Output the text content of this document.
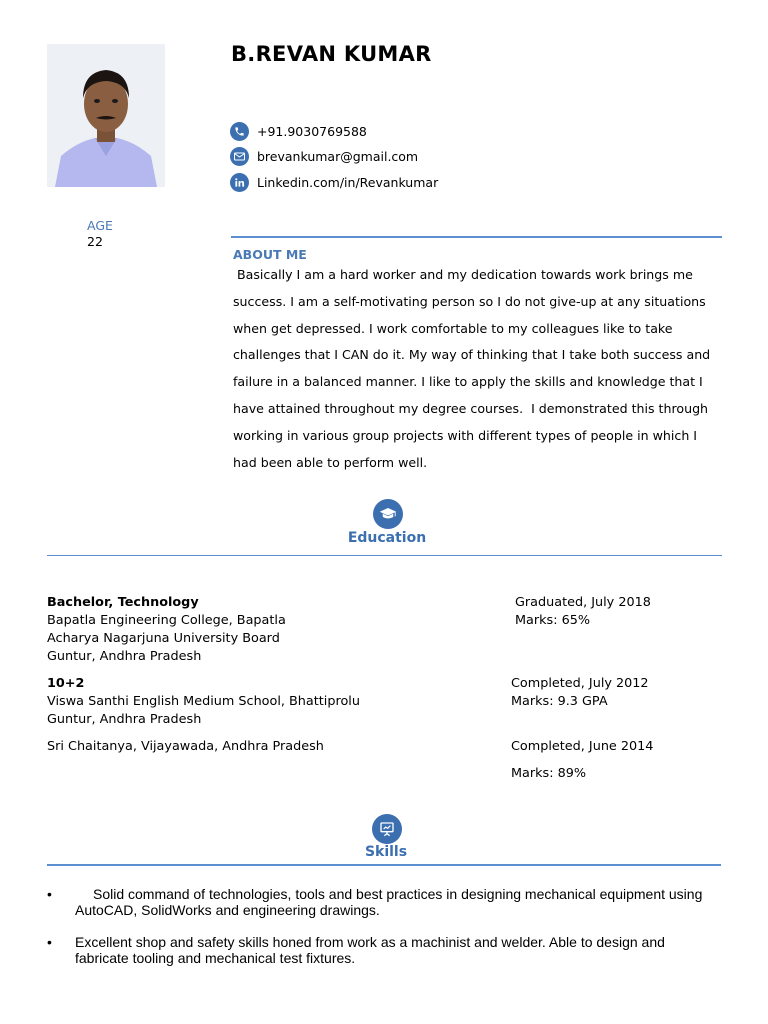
B.REVAN KUMAR
+91.9030769588
brevankumar@gmail.com
Linkedin.com/in/Revankumar
AGE
22
ABOUT ME
Basically I am a hard worker and my dedication towards work brings me success. I am a self-motivating person so I do not give-up at any situations when get depressed. I work comfortable to my colleagues like to take challenges that I CAN do it. My way of thinking that I take both success and failure in a balanced manner. I like to apply the skills and knowledge that I have attained throughout my degree courses.  I demonstrated this through working in various group projects with different types of people in which I had been able to perform well.
Education
Bachelor, Technology
Bapatla Engineering College, Bapatla
Acharya Nagarjuna University Board
Guntur, Andhra Pradesh
Graduated, July 2018
Marks: 65%
10+2
Viswa Santhi English Medium School, Bhattiprolu
Guntur, Andhra Pradesh
Completed, July 2012
Marks: 9.3 GPA
Sri Chaitanya, Vijayawada, Andhra Pradesh	Completed, June 2014
Marks: 89%
Skills
•	Solid command of technologies, tools and best practices in designing mechanical equipment using AutoCAD, SolidWorks and engineering drawings.
• Excellent shop and safety skills honed from work as a machinist and welder. Able to design and fabricate tooling and mechanical test fixtures.
